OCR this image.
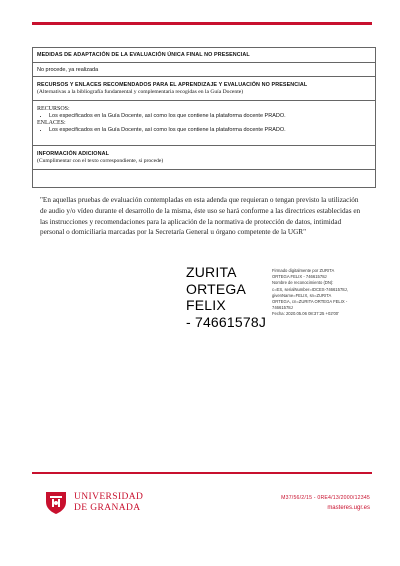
MEDIDAS DE ADAPTACIÓN DE LA EVALUACIÓN ÚNICA FINAL NO PRESENCIAL
No procede, ya realizada
RECURSOS Y ENLACES RECOMENDADOS PARA EL APRENDIZAJE Y EVALUACIÓN NO PRESENCIAL
(Alternativas a la bibliografía fundamental y complementaria recogidas en la Guía Docente)
RECURSOS:
• Los especificados en la Guía Docente, así como los que contiene la plataforma docente PRADO.
ENLACES:
• Los especificados en la Guía Docente, así como los que contiene la plataforma docente PRADO.
INFORMACIÓN ADICIONAL
(Cumplimentar con el texto correspondiente, si procede)
"En aquellas pruebas de evaluación contempladas en esta adenda que requieran o tengan previsto la utilización de audio y/o vídeo durante el desarrollo de la misma, éste uso se hará conforme a las directrices establecidas en las instrucciones y recomendaciones para la aplicación de la normativa de protección de datos, intimidad personal o domiciliaria marcadas por la Secretaría General u órgano competente de la UGR"
ZURITA
ORTEGA FELIX
- 74661578J
Firmado digitalmente por ZURITA
ORTEGA FELIX - 74661578J
Nombre de reconocimiento (DN):
c=ES, serialNumber=IDCES-74661578J,
givenName=FELIX, sn=ZURITA
ORTEGA, cn=ZURITA ORTEGA FELIX -
74661578J
Fecha: 2020.05.06 08:37:25 +02'00'
UNIVERSIDAD
DE GRANADA
M37/56/2/15 - 0RE4/13/2000/12345
masteres.ugr.es
